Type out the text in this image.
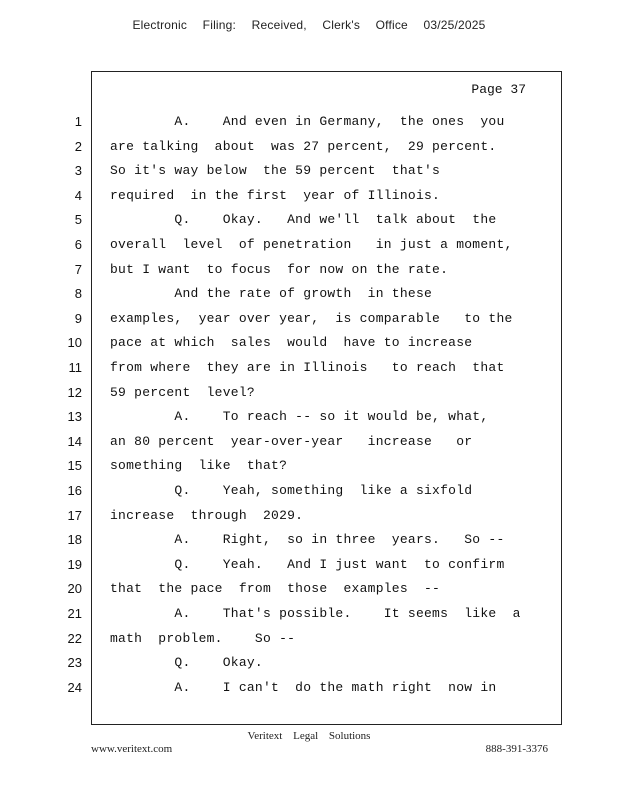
Electronic Filing: Received, Clerk's Office 03/25/2025
Page 37
1 A.    And even in Germany,  the ones  you
2 are talking  about  was 27 percent,  29 percent.
3 So it's way below  the 59 percent  that's
4 required  in the first  year of Illinois.
5 Q.    Okay.   And we'll  talk about  the
6 overall  level  of penetration   in just a moment,
7 but I want  to focus  for now on the rate.
8 And the rate of growth  in these
9 examples,  year over year,  is comparable   to the
10 pace at which  sales  would  have to increase
11 from where  they are in Illinois   to reach  that
12 59 percent  level?
13 A.    To reach -- so it would be, what,
14 an 80 percent  year-over-year   increase   or
15 something  like  that?
16 Q.    Yeah, something  like a sixfold
17 increase  through  2029.
18 A.    Right,  so in three  years.   So --
19 Q.    Yeah.   And I just want  to confirm
20 that  the pace  from  those  examples  --
21 A.    That's possible.    It seems  like  a
22 math  problem.    So --
23 Q.    Okay.
24 A.    I can't  do the math right  now in
Veritext Legal Solutions
www.veritext.com	888-391-3376
